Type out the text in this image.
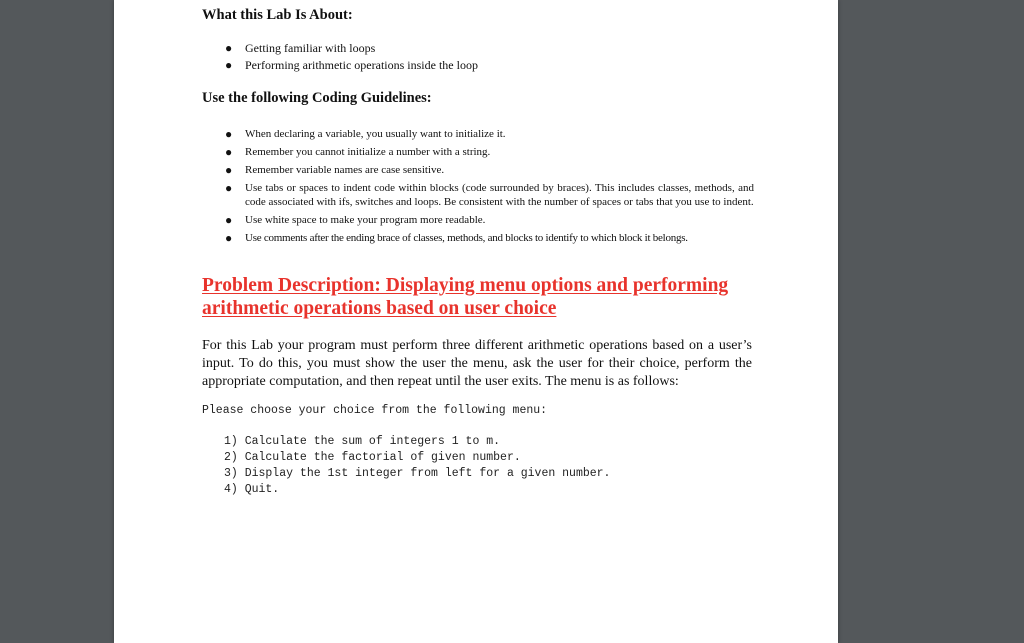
What this Lab Is About:
● Getting familiar with loops
● Performing arithmetic operations inside the loop
Use the following Coding Guidelines:
● When declaring a variable, you usually want to initialize it.
● Remember you cannot initialize a number with a string.
● Remember variable names are case sensitive.
● Use tabs or spaces to indent code within blocks (code surrounded by braces). This includes classes, methods, and code associated with ifs, switches and loops. Be consistent with the number of spaces or tabs that you use to indent.
● Use white space to make your program more readable.
● Use comments after the ending brace of classes, methods, and blocks to identify to which block it belongs.
Problem Description: Displaying menu options and performing arithmetic operations based on user choice
For this Lab your program must perform three different arithmetic operations based on a user’s input. To do this, you must show the user the menu, ask the user for their choice, perform the appropriate computation, and then repeat until the user exits. The menu is as follows:
Please choose your choice from the following menu:
1) Calculate the sum of integers 1 to m.
2) Calculate the factorial of given number.
3) Display the 1st integer from left for a given number.
4) Quit.
